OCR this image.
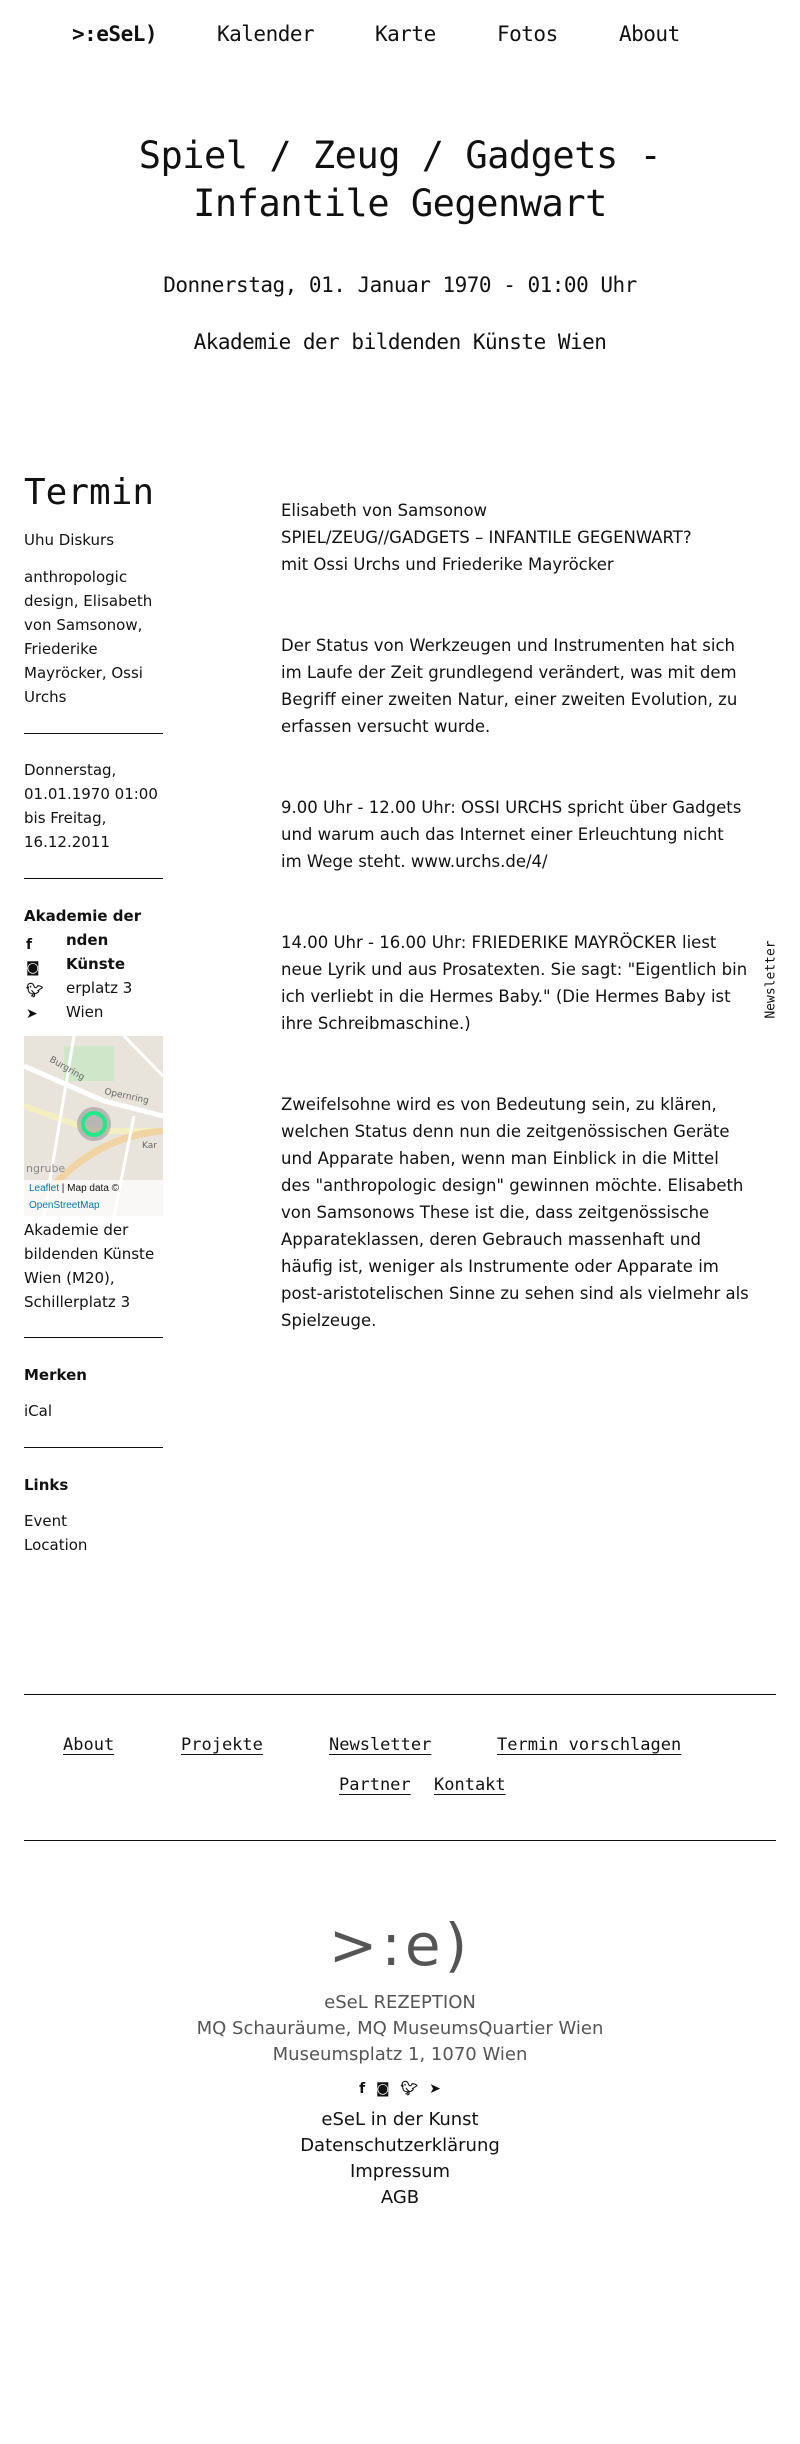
>:eSeL)	Kalender	Karte	Fotos	About
Spiel / Zeug / Gadgets - Infantile Gegenwart
Donnerstag, 01. Januar 1970 - 01:00 Uhr
Akademie der bildenden Künste Wien
Termin
Uhu Diskurs
anthropologic design, Elisabeth von Samsonow, Friederike Mayröcker, Ossi Urchs
Donnerstag, 01.01.1970 01:00 bis Freitag, 16.12.2011
Akademie der
nden Künste
erplatz 3
Wien
f
◙
🐦︎
➤
Burgring
Opernring
Kar
ngrube
Leaflet | Map data ©
OpenStreetMap
Akademie der bildenden Künste Wien (M20), Schillerplatz 3
Merken
iCal
Links
Event
Location

Elisabeth von Samsonow
SPIEL/ZEUG//GADGETS – INFANTILE GEGENWART?
mit Ossi Urchs und Friederike Mayröcker

Der Status von Werkzeugen und Instrumenten hat sich im Laufe der Zeit grundlegend verändert, was mit dem Begriff einer zweiten Natur, einer zweiten Evolution, zu erfassen versucht wurde.

9.00 Uhr - 12.00 Uhr: OSSI URCHS spricht über Gadgets und warum auch das Internet einer Erleuchtung nicht im Wege steht. www.urchs.de/4/

14.00 Uhr - 16.00 Uhr: FRIEDERIKE MAYRÖCKER liest neue Lyrik und aus Prosatexten. Sie sagt: "Eigentlich bin ich verliebt in die Hermes Baby." (Die Hermes Baby ist ihre Schreibmaschine.)

Zweifelsohne wird es von Bedeutung sein, zu klären, welchen Status denn nun die zeitgenössischen Geräte und Apparate haben, wenn man Einblick in die Mittel des "anthropologic design" gewinnen möchte. Elisabeth von Samsonows These ist die, dass zeitgenössische Apparateklassen, deren Gebrauch massenhaft und häufig ist, weniger als Instrumente oder Apparate im post-aristotelischen Sinne zu sehen sind als vielmehr als Spielzeuge.

Newsletter
About	Projekte	Newsletter	Termin vorschlagen
Partner Kontakt
>:e)
eSeL REZEPTION
MQ Schauräume, MQ MuseumsQuartier Wien
Museumsplatz 1, 1070 Wien
f ◙ 🐦︎ ➤
eSeL in der Kunst
Datenschutzerklärung
Impressum
AGB
